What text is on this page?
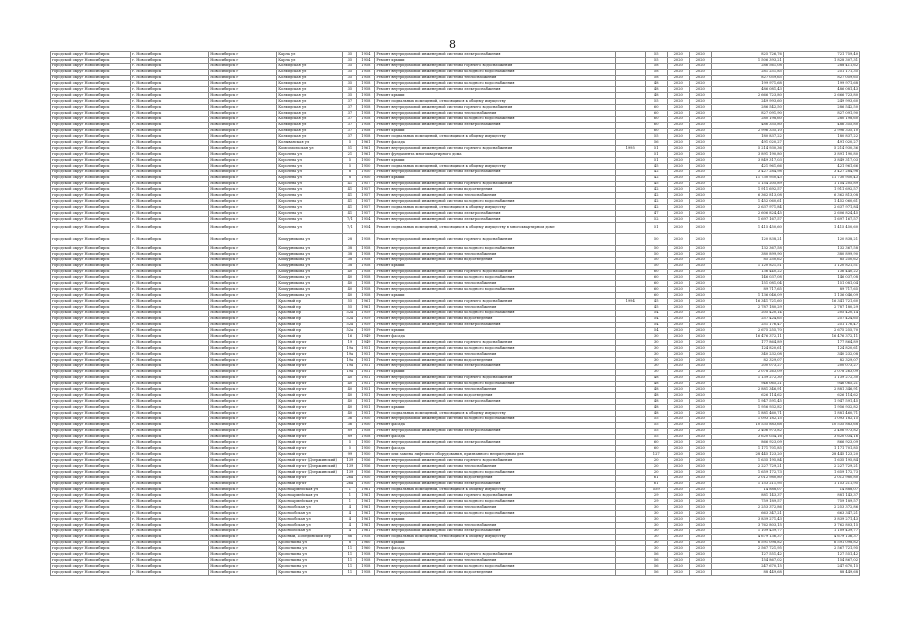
8
городской округ Новосибирск	г. Новосибирск	Новосибирск г	Карла ул	35	1954	Ремонт внутридомовой инженерной системы электроснабжения		55	2020	2020	825 726,76	721 759,40
городской округ Новосибирск	г. Новосибирск	Новосибирск г	Карла ул	35	1954	Ремонт крыши		55	2020	2020	1 506 393,21	1 828 307,31
городской округ Новосибирск	г. Новосибирск	Новосибирск г	Колхидская ул	35	1958	Ремонт внутридомовой инженерной системы горячего водоснабжения		58	2020	2020	286 561,08	288 411,62
городской округ Новосибирск	г. Новосибирск	Новосибирск г	Колхидская ул	35	1958	Ремонт внутридомовой инженерной системы холодного водоснабжения		58	2020	2020	281 251,85	251 171,35
городской округ Новосибирск	г. Новосибирск	Новосибирск г	Колхидская ул	35	1958	Ремонт внутридомовой инженерной системы теплоснабжения		58	2020	2020	827 059,65	827 059,65
городской округ Новосибирск	г. Новосибирск	Новосибирск г	Колхидская ул	35	1958	Ремонт внутридомовой инженерной системы холодного водоснабжения		48	2020	2020	199 971,68	199 971,68
городской округ Новосибирск	г. Новосибирск	Новосибирск г	Колхидская ул	35	1958	Ремонт внутридомовой инженерной системы электроснабжения		48	2020	2020	486 081,43	486 081,43
городской округ Новосибирск	г. Новосибирск	Новосибирск г	Колхидская ул	35	1958	Ремонт крыши		48	2020	2020	2 666 723,80	2 666 723,80
городской округ Новосибирск	г. Новосибирск	Новосибирск г	Колхидская ул	37	1958	Ремонт подвальных помещений, относящихся к общему имуществу		55	2020	2020	249 993,60	249 993,60
городской округ Новосибирск	г. Новосибирск	Новосибирск г	Колхидская ул	37	1958	Ремонт внутридомовой инженерной системы горячего водоснабжения		60	2020	2020	286 542,50	286 542,50
городской округ Новосибирск	г. Новосибирск	Новосибирск г	Колхидская ул	37	1958	Ремонт внутридомовой инженерной системы теплоснабжения		60	2020	2020	827 091,90	827 091,90
городской округ Новосибирск	г. Новосибирск	Новосибирск г	Колхидская ул	37	1958	Ремонт внутридомовой инженерной системы холодного водоснабжения		60	2020	2020	280 198,60	280 198,60
городской округ Новосибирск	г. Новосибирск	Новосибирск г	Колхидская ул	37	1958	Ремонт внутридомовой инженерной системы электроснабжения		60	2020	2020	486 355,80	486 355,80
городской округ Новосибирск	г. Новосибирск	Новосибирск г	Колхидская ул	37	1958	Ремонт крыши		60	2020	2020	2 996 335,10	2 996 335,10
городской округ Новосибирск	г. Новосибирск	Новосибирск г	Колхидская ул	37	1958	Ремонт подвальных помещений, относящихся к общему имуществу		55	2020	2020	180 837,22	180 837,22
городской округ Новосибирск	г. Новосибирск	Новосибирск г	Колыванская ул	5	1961	Ремонт фасада		56	2020	2020	491 020,27	491 020,27
городской округ Новосибирск	г. Новосибирск	Новосибирск г	Комсомольская ул	51	1961	Ремонт внутридомовой инженерной системы горячего водоснабжения	1995	51	2020	2020	5 214 930,36	5 214 930,36
городской округ Новосибирск	г. Новосибирск	Новосибирск г	Королева ул	21	1961	Ремонт фундамента многоквартирного дома		51	2020	2020	3 891 190,80	3 891 190,80
городской округ Новосибирск	г. Новосибирск	Новосибирск г	Королева ул	5	1950	Ремонт крыши		51	2020	2020	3 849 317,03	3 849 317,03
городской округ Новосибирск	г. Новосибирск	Новосибирск г	Королева ул	5	1950	Ремонт подвальных помещений, относящихся к общему имуществу		45	2020	2020	421 961,66	421 961,66
городской округ Новосибирск	г. Новосибирск	Новосибирск г	Королева ул	8	1950	Ремонт внутридомовой инженерной системы электроснабжения		42	2020	2020	3 427 284,98	3 427 284,98
городской округ Новосибирск	г. Новосибирск	Новосибирск г	Королева ул	8	1950	Ремонт крыши		42	2020	2020	11 730 950,43	11 730 950,43
городской округ Новосибирск	г. Новосибирск	Новосибирск г	Королева ул	41	1957	Ремонт внутридомовой инженерной системы горячего водоснабжения		45	2020	2020	1 154 205,89	1 154 205,89
городской округ Новосибирск	г. Новосибирск	Новосибирск г	Королева ул	41	1957	Ремонт внутридомовой инженерной системы водоотведения		42	2020	2020	1 911 692,57	1 911 692,57
городской округ Новосибирск	г. Новосибирск	Новосибирск г	Королева ул	41	1957	Ремонт внутридомовой инженерной системы теплоснабжения		42	2020	2020	6 362 813,08	6 362 813,08
городской округ Новосибирск	г. Новосибирск	Новосибирск г	Королева ул	41	1957	Ремонт внутридомовой инженерной системы холодного водоснабжения		42	2020	2020	1 452 060,61	1 452 060,61
городской округ Новосибирск	г. Новосибирск	Новосибирск г	Королева ул	41	1957	Ремонт подвальных помещений, относящихся к общему имуществу		42	2020	2020	2 637 971,84	2 637 971,84
городской округ Новосибирск	г. Новосибирск	Новосибирск г	Королева ул	41	1957	Ремонт внутридомовой инженерной системы электроснабжения		47	2020	2020	2 606 824,45	2 606 824,45
городской округ Новосибирск	г. Новосибирск	Новосибирск г	Королева ул	7/1	1954	Ремонт внутридомовой инженерной системы электроснабжения		52	2020	2020	1 697 167,57	1 697 167,57
городской округ Новосибирск	г. Новосибирск	Новосибирск г	Королева ул	7/1	1954	Ремонт подвальных помещений, относящихся к общему имуществу в многоквартирном доме		51	2020	2020	1 415 450,60	1 415 450,60
городской округ Новосибирск	г. Новосибирск	Новосибирск г	Кошурникова ул	28	1958	Ремонт внутридомовой инженерной системы горячего водоснабжения		50	2020	2020	120 838,21	120 838,21
городской округ Новосибирск	г. Новосибирск	Новосибирск г	Кошурникова ул	38	1958	Ремонт внутридомовой инженерной системы холодного водоснабжения		50	2020	2020	132 367,58	132 367,58
городской округ Новосибирск	г. Новосибирск	Новосибирск г	Кошурникова ул	38	1958	Ремонт внутридомовой инженерной системы теплоснабжения		50	2020	2020	380 899,90	380 899,90
городской округ Новосибирск	г. Новосибирск	Новосибирск г	Кошурникова ул	38	1958	Ремонт внутридомовой инженерной системы водоотведения		50	2020	2020	85 250,62	85 250,62
городской округ Новосибирск	г. Новосибирск	Новосибирск г	Кошурникова ул	38	1958	Ремонт крыши		50	2020	2020	1 120 821,51	1 120 821,51
городской округ Новосибирск	г. Новосибирск	Новосибирск г	Кошурникова ул	40	1958	Ремонт внутридомовой инженерной системы горячего водоснабжения		60	2020	2020	136 440,22	136 440,22
городской округ Новосибирск	г. Новосибирск	Новосибирск г	Кошурникова ул	40	1958	Ремонт внутридомовой инженерной системы холодного водоснабжения		60	2020	2020	146 037,08	146 037,08
городской округ Новосибирск	г. Новосибирск	Новосибирск г	Кошурникова ул	40	1958	Ремонт внутридомовой инженерной системы теплоснабжения		60	2020	2020	151 081,04	151 081,04
городской округ Новосибирск	г. Новосибирск	Новосибирск г	Кошурникова ул	40	1958	Ремонт внутридомовой инженерной системы холодного водоснабжения		60	2020	2020	89 717,65	89 717,65
городской округ Новосибирск	г. Новосибирск	Новосибирск г	Кошурникова ул	40	1958	Ремонт крыши		60	2020	2020	1 136 046,09	1 136 046,09
городской округ Новосибирск	г. Новосибирск	Новосибирск г	Красный пр	55	1961	Ремонт внутридомовой инженерной системы горячего водоснабжения	1994	45	2020	2020	16 341 721,60	16 341 721,60
городской округ Новосибирск	г. Новосибирск	Новосибирск г	Красный пр	55	1961	Ремонт внутридомовой инженерной системы теплоснабжения		45	2020	2020	2 787 180,29	2 787 180,29
городской округ Новосибирск	г. Новосибирск	Новосибирск г	Красный пр	52а	1959	Ремонт внутридомовой инженерной системы холодного водоснабжения		54	2020	2020	205 420,14	205 420,14
городской округ Новосибирск	г. Новосибирск	Новосибирск г	Красный пр	52а	1959	Ремонт внутридомовой инженерной системы водоотведения		54	2020	2020	257 424,65	257 424,65
городской округ Новосибирск	г. Новосибирск	Новосибирск г	Красный пр	52а	1959	Ремонт внутридомовой инженерной системы электроснабжения		54	2020	2020	251 176,47	251 176,47
городской округ Новосибирск	г. Новосибирск	Новосибирск г	Красный пр	52а	1959	Ремонт крыши		54	2020	2020	2 675 255,70	2 675 255,70
городской округ Новосибирск	г. Новосибирск	Новосибирск г	Красный пр	16	1949	Ремонт фасада		30	2020	2020	16 476 372,11	16 476 372,11
городской округ Новосибирск	г. Новосибирск	Новосибирск г	Красный пр-кт	19	1949	Ремонт внутридомовой инженерной системы горячего водоснабжения		30	2020	2020	177 864,89	177 864,89
городской округ Новосибирск	г. Новосибирск	Новосибирск г	Красный пр-кт	19а	1951	Ремонт внутридомовой инженерной системы холодного водоснабжения		30	2020	2020	124 820,61	124 820,61
городской округ Новосибирск	г. Новосибирск	Новосибирск г	Красный пр-кт	19а	1951	Ремонт внутридомовой инженерной системы теплоснабжения		30	2020	2020	340 232,08	340 232,08
городской округ Новосибирск	г. Новосибирск	Новосибирск г	Красный пр-кт	19а	1951	Ремонт внутридомовой инженерной системы водоотведения		30	2020	2020	82 329,07	82 329,07
городской округ Новосибирск	г. Новосибирск	Новосибирск г	Красный пр-кт	19а	1951	Ремонт внутридомовой инженерной системы электроснабжения		30	2020	2020	200 073,27	200 073,27
городской округ Новосибирск	г. Новосибирск	Новосибирск г	Красный пр-кт	19а	1951	Ремонт крыши		30	2020	2020	2 078 263,09	2 078 263,09
городской округ Новосибирск	г. Новосибирск	Новосибирск г	Красный пр-кт	40	1951	Ремонт внутридомовой инженерной системы горячего водоснабжения		48	2020	2020	1 139 272,30	1 139 272,30
городской округ Новосибирск	г. Новосибирск	Новосибирск г	Красный пр-кт	40	1951	Ремонт внутридомовой инженерной системы холодного водоснабжения		48	2020	2020	946 065,21	946 065,21
городской округ Новосибирск	г. Новосибирск	Новосибирск г	Красный пр-кт	40	1951	Ремонт внутридомовой инженерной системы теплоснабжения		48	2020	2020	2 881 346,91	2 881 346,91
городской округ Новосибирск	г. Новосибирск	Новосибирск г	Красный пр-кт	40	1951	Ремонт внутридомовой инженерной системы водоотведения		48	2020	2020	626 114,62	626 114,62
городской округ Новосибирск	г. Новосибирск	Новосибирск г	Красный пр-кт	40	1951	Ремонт внутридомовой инженерной системы электроснабжения		48	2020	2020	1 947 591,45	1 947 591,45
городской округ Новосибирск	г. Новосибирск	Новосибирск г	Красный пр-кт	40	1951	Ремонт крыши		48	2020	2020	1 956 932,82	1 956 932,82
городской округ Новосибирск	г. Новосибирск	Новосибирск г	Красный пр-кт	40	1951	Ремонт подвальных помещений, относящихся к общему имуществу		48	2020	2020	1 881 460,71	1 881 460,71
городской округ Новосибирск	г. Новосибирск	Новосибирск г	Красный пр-кт	36	1950	Ремонт внутридомовой инженерной системы холодного водоснабжения		55	2020	2020	1 093 182,15	1 093 182,15
городской округ Новосибирск	г. Новосибирск	Новосибирск г	Красный пр-кт	36	1950	Ремонт фасада		55	2020	2020	10 535 883,68	10 535 883,68
городской округ Новосибирск	г. Новосибирск	Новосибирск г	Красный пр-кт	89	1958	Ремонт внутридомовой инженерной системы электроснабжения		55	2020	2020	2 406 973,82	2 406 973,82
городской округ Новосибирск	г. Новосибирск	Новосибирск г	Красный пр-кт	89	1958	Ремонт фасада		55	2020	2020	3 620 034,16	3 620 034,16
городской округ Новосибирск	г. Новосибирск	Новосибирск г	Красный пр-кт	5	1950	Ремонт внутридомовой инженерной системы электроснабжения		60	2020	2020	866 923,09	866 923,09
городской округ Новосибирск	г. Новосибирск	Новосибирск г	Красный пр-кт	5	1950	Ремонт фасада		60	2020	2020	1 171 701,85	1 171 701,85
городской округ Новосибирск	г. Новосибирск	Новосибирск г	Красный пр-кт	99	1950	Ремонт или замена лифтового оборудования, признанного непригодным для		127	2020	2020	28 445 123,20	28 445 123,20
городской округ Новосибирск	г. Новосибирск	Новосибирск г	Красный пр-кт (Дзержинский)	139	1956	Ремонт внутридомовой инженерной системы горячего водоснабжения		20	2020	2020	1 635 195,84	1 635 195,84
городской округ Новосибирск	г. Новосибирск	Новосибирск г	Красный пр-кт (Дзержинский)	139	1956	Ремонт внутридомовой инженерной системы теплоснабжения		20	2020	2020	2 227 729,21	2 227 729,21
городской округ Новосибирск	г. Новосибирск	Новосибирск г	Красный пр-кт (Дзержинский)	139	1956	Ремонт внутридомовой инженерной системы холодного водоснабжения		20	2020	2020	1 659 172,73	1 659 172,73
городской округ Новосибирск	г. Новосибирск	Новосибирск г	Красный пр-кт	26а	1950	Ремонт внутридомовой инженерной системы водоотведения		61	2020	2020	2 012 980,80	2 012 980,80
городской округ Новосибирск	г. Новосибирск	Новосибирск г	Красный пр-кт	26а	1950	Ремонт внутридомовой инженерной системы электроснабжения		61	2020	2020	1 153 211,95	1 153 211,95
городской округ Новосибирск	г. Новосибирск	Новосибирск г	Красноармейская ул	1	1961	Ремонт подвальных помещений, относящихся к общему имуществу		559	2020	2020	14 888,07	14 888,07
городской округ Новосибирск	г. Новосибирск	Новосибирск г	Красноармейская ул	1	1961	Ремонт внутридомовой инженерной системы горячего водоснабжения		29	2020	2020	881 143,37	881 143,37
городской округ Новосибирск	г. Новосибирск	Новосибирск г	Красноармейская ул	1	1961	Ремонт внутридомовой инженерной системы холодного водоснабжения		29	2020	2020	759 189,57	759 189,57
городской округ Новосибирск	г. Новосибирск	Новосибирск г	Краснообская ул	4	1961	Ремонт внутридомовой инженерной системы теплоснабжения		30	2020	2020	2 253 372,86	2 253 372,86
городской округ Новосибирск	г. Новосибирск	Новосибирск г	Краснообская ул	4	1961	Ремонт внутридомовой инженерной системы холодного водоснабжения		30	2020	2020	663 347,21	663 347,21
городской округ Новосибирск	г. Новосибирск	Новосибирск г	Краснообская ул	4	1961	Ремонт крыши		30	2020	2020	3 839 271,43	3 839 271,43
городской округ Новосибирск	г. Новосибирск	Новосибирск г	Краснообская ул	4	1961	Ремонт внутридомовой инженерной системы теплоснабжения		30	2020	2020	3 762 803,15	3 762 803,15
городской округ Новосибирск	г. Новосибирск	Новосибирск г	Краснообская ул	4	1961	Ремонт внутридомовой инженерной системы электроснабжения		30	2020	2020	1 109 439,77	1 109 439,77
городской округ Новосибирск	г. Новосибирск	Новосибирск г	Красный, Побединский пер	86	1958	Ремонт подвальных помещений, относящихся к общему имуществу		30	2020	2020	4 679 136,37	4 679 136,37
городской округ Новосибирск	г. Новосибирск	Новосибирск г	Кропоткина ул	8	1960	Ремонт крыши		30	2020	2020	6 591 098,82	6 591 098,82
городской округ Новосибирск	г. Новосибирск	Новосибирск г	Кропоткина ул	11	1960	Ремонт фасада		30	2020	2020	2 567 721,95	2 567 721,95
городской округ Новосибирск	г. Новосибирск	Новосибирск г	Кропоткина ул	11	1958	Ремонт внутридомовой инженерной системы горячего водоснабжения		56	2020	2020	127 551,42	127 551,42
городской округ Новосибирск	г. Новосибирск	Новосибирск г	Кропоткина ул	11	1958	Ремонт внутридомовой инженерной системы теплоснабжения		56	2020	2020	154 867,02	154 867,02
городской округ Новосибирск	г. Новосибирск	Новосибирск г	Кропоткина ул	11	1958	Ремонт внутридомовой инженерной системы холодного водоснабжения		56	2020	2020	247 670,15	247 670,15
городской округ Новосибирск	г. Новосибирск	Новосибирск г	Кропоткина ул	11	1958	Ремонт внутридомовой инженерной системы водоотведения		56	2020	2020	88 449,68	88 449,68
